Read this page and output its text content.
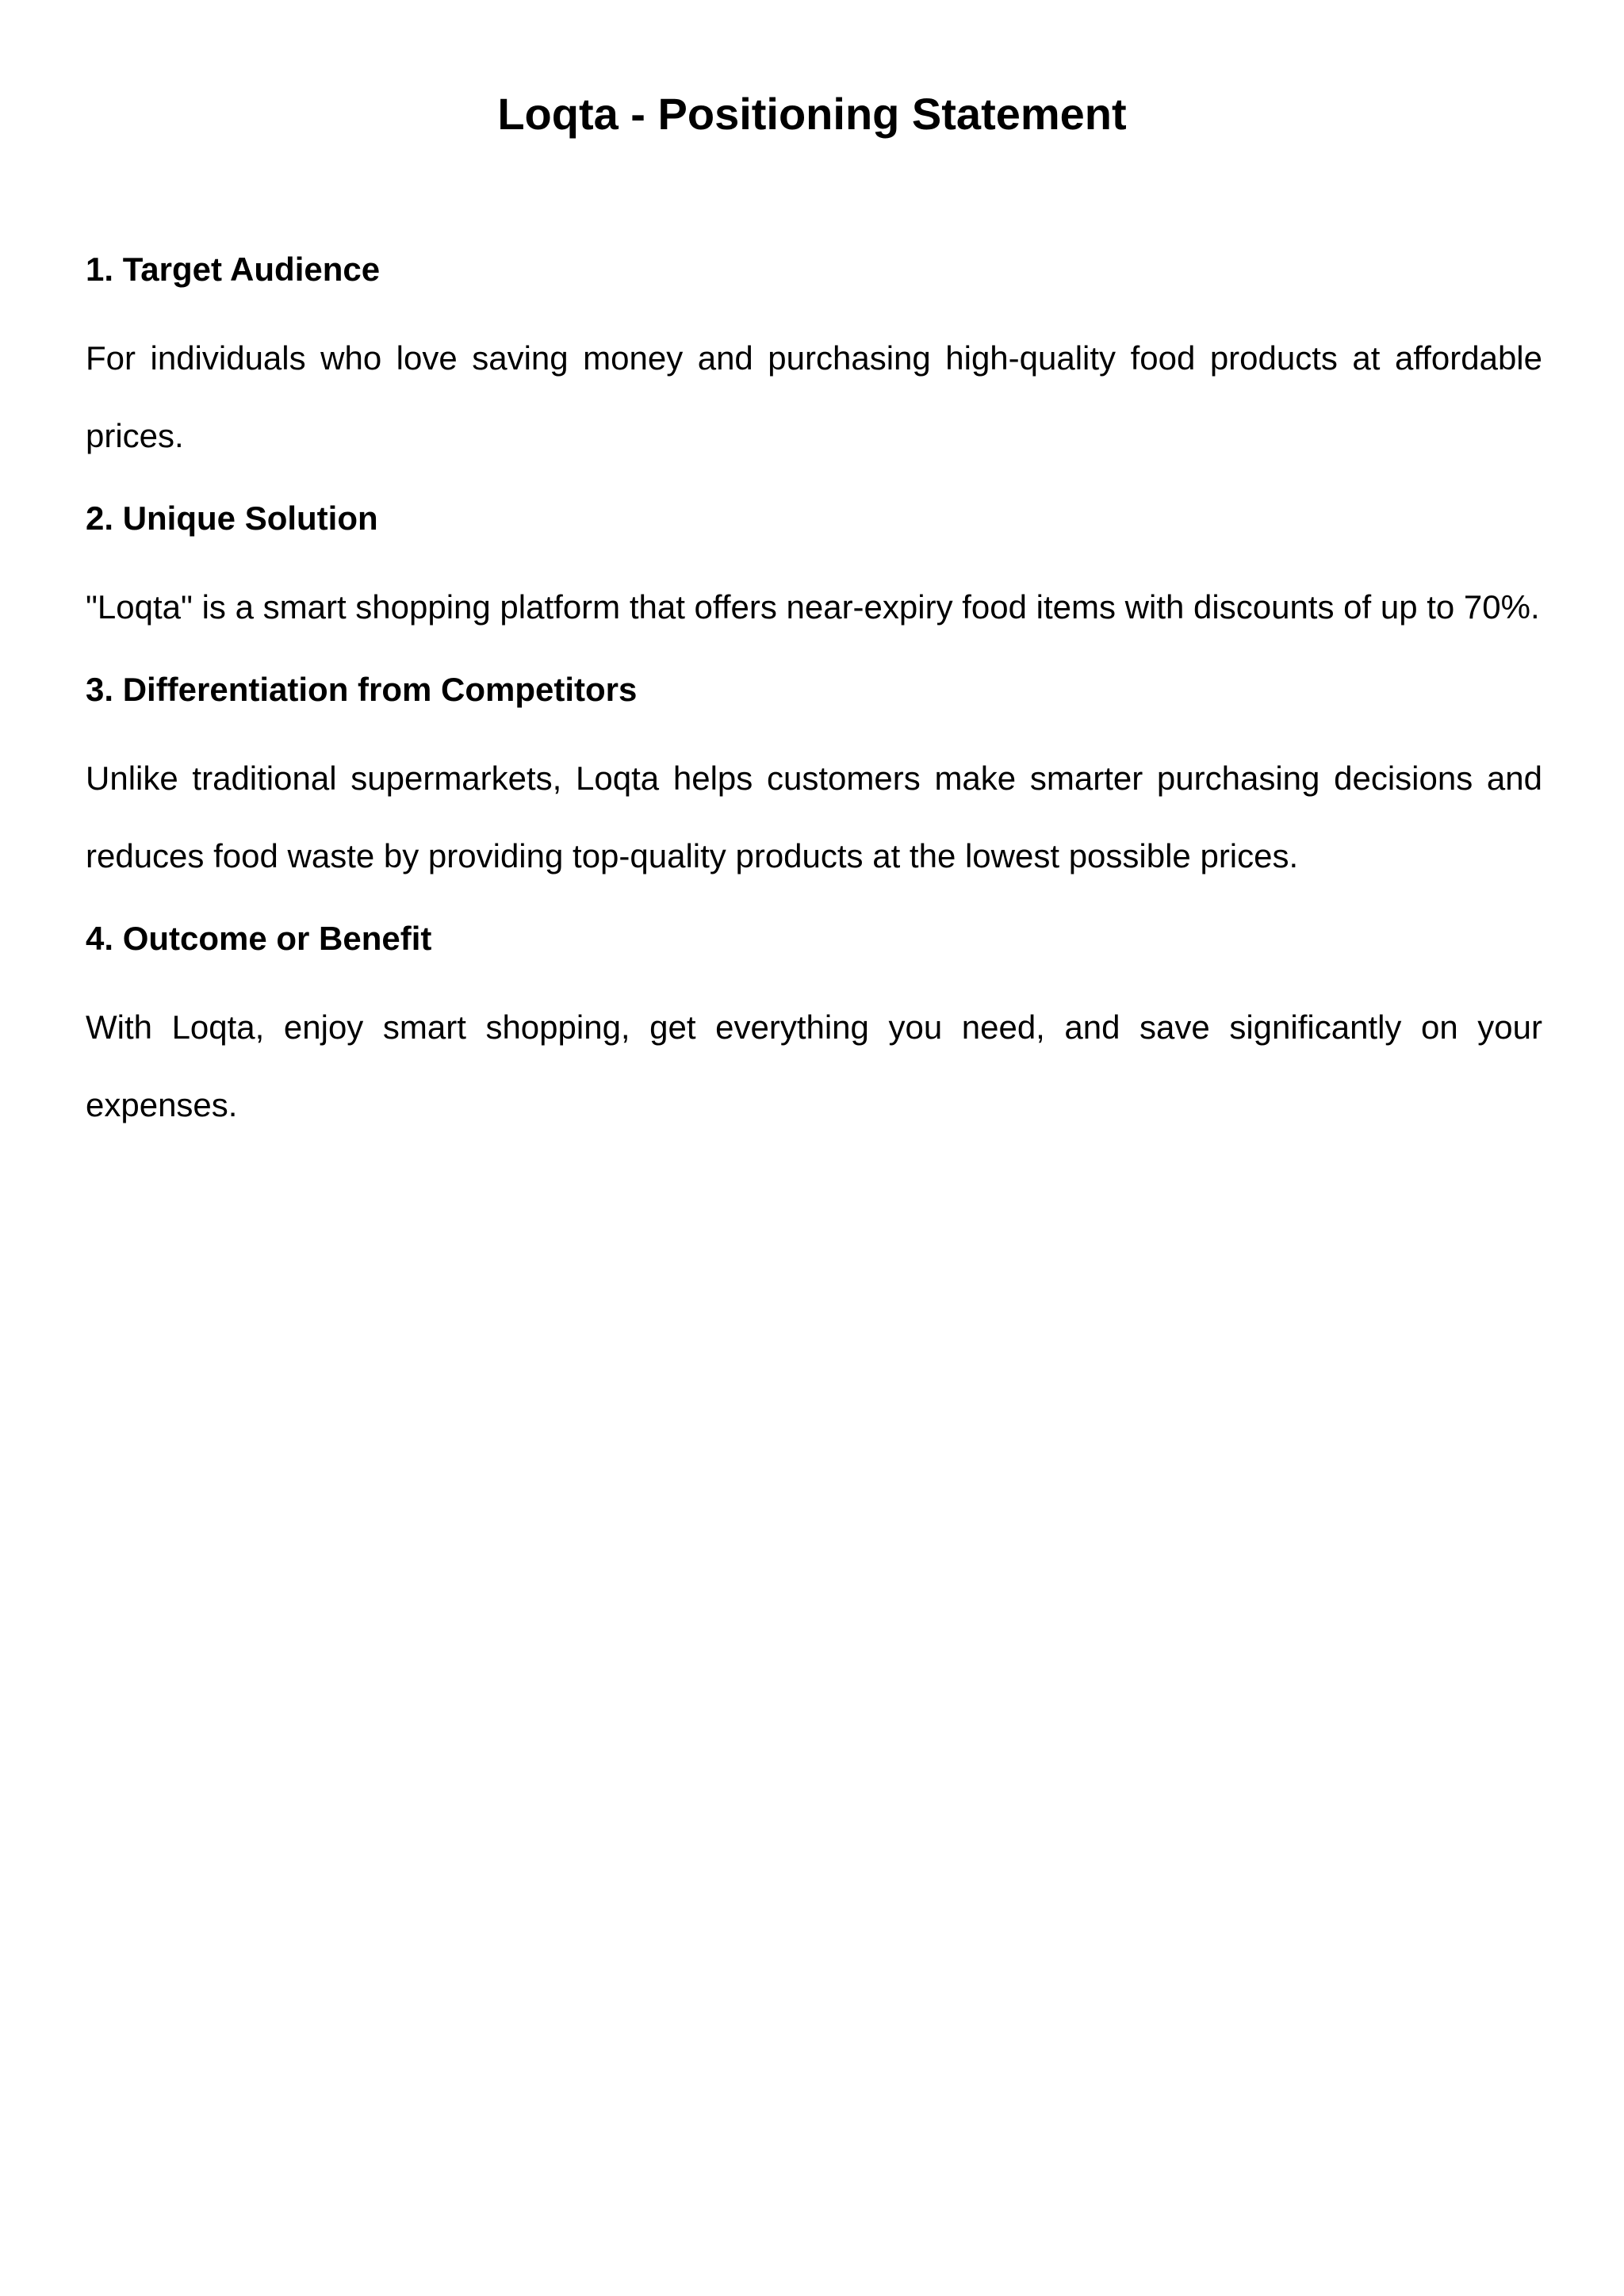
Loqta - Positioning Statement
1. Target Audience

For individuals who love saving money and purchasing high-quality food products at affordable prices.

2. Unique Solution

"Loqta" is a smart shopping platform that offers near-expiry food items with discounts of up to 70%.

3. Differentiation from Competitors

Unlike traditional supermarkets, Loqta helps customers make smarter purchasing decisions and reduces food waste by providing top-quality products at the lowest possible prices.

4. Outcome or Benefit

With Loqta, enjoy smart shopping, get everything you need, and save significantly on your expenses.
